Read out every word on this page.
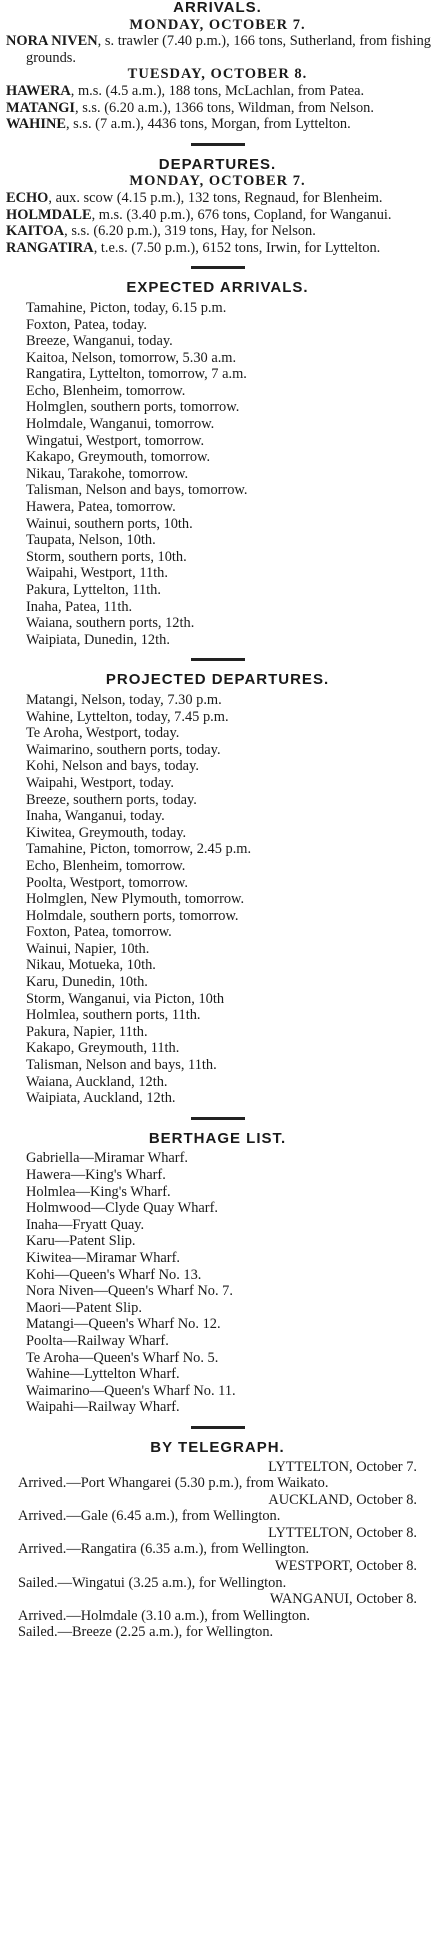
ARRIVALS.
MONDAY, OCTOBER 7.

NORA NIVEN, s. trawler (7.40 p.m.), 166 tons, Sutherland, from fishing grounds.

TUESDAY, OCTOBER 8.

HAWERA, m.s. (4.5 a.m.), 188 tons, McLachlan, from Patea.

MATANGI, s.s. (6.20 a.m.), 1366 tons, Wildman, from Nelson.

WAHINE, s.s. (7 a.m.), 4436 tons, Morgan, from Lyttelton.

DEPARTURES.
MONDAY, OCTOBER 7.

ECHO, aux. scow (4.15 p.m.), 132 tons, Regnaud, for Blenheim.

HOLMDALE, m.s. (3.40 p.m.), 676 tons, Copland, for Wanganui.

KAITOA, s.s. (6.20 p.m.), 319 tons, Hay, for Nelson.

RANGATIRA, t.e.s. (7.50 p.m.), 6152 tons, Irwin, for Lyttelton.

EXPECTED ARRIVALS.
Tamahine, Picton, today, 6.15 p.m.
Foxton, Patea, today.
Breeze, Wanganui, today.
Kaitoa, Nelson, tomorrow, 5.30 a.m.
Rangatira, Lyttelton, tomorrow, 7 a.m.
Echo, Blenheim, tomorrow.
Holmglen, southern ports, tomorrow.
Holmdale, Wanganui, tomorrow.
Wingatui, Westport, tomorrow.
Kakapo, Greymouth, tomorrow.
Nikau, Tarakohe, tomorrow.
Talisman, Nelson and bays, tomorrow.
Hawera, Patea, tomorrow.
Wainui, southern ports, 10th.
Taupata, Nelson, 10th.
Storm, southern ports, 10th.
Waipahi, Westport, 11th.
Pakura, Lyttelton, 11th.
Inaha, Patea, 11th.
Waiana, southern ports, 12th.
Waipiata, Dunedin, 12th.
PROJECTED DEPARTURES.
Matangi, Nelson, today, 7.30 p.m.
Wahine, Lyttelton, today, 7.45 p.m.
Te Aroha, Westport, today.
Waimarino, southern ports, today.
Kohi, Nelson and bays, today.
Waipahi, Westport, today.
Breeze, southern ports, today.
Inaha, Wanganui, today.
Kiwitea, Greymouth, today.
Tamahine, Picton, tomorrow, 2.45 p.m.
Echo, Blenheim, tomorrow.
Poolta, Westport, tomorrow.
Holmglen, New Plymouth, tomorrow.
Holmdale, southern ports, tomorrow.
Foxton, Patea, tomorrow.
Wainui, Napier, 10th.
Nikau, Motueka, 10th.
Karu, Dunedin, 10th.
Storm, Wanganui, via Picton, 10th
Holmlea, southern ports, 11th.
Pakura, Napier, 11th.
Kakapo, Greymouth, 11th.
Talisman, Nelson and bays, 11th.
Waiana, Auckland, 12th.
Waipiata, Auckland, 12th.
BERTHAGE LIST.
Gabriella—Miramar Wharf.
Hawera—King's Wharf.
Holmlea—King's Wharf.
Holmwood—Clyde Quay Wharf.
Inaha—Fryatt Quay.
Karu—Patent Slip.
Kiwitea—Miramar Wharf.
Kohi—Queen's Wharf No. 13.
Nora Niven—Queen's Wharf No. 7.
Maori—Patent Slip.
Matangi—Queen's Wharf No. 12.
Poolta—Railway Wharf.
Te Aroha—Queen's Wharf No. 5.
Wahine—Lyttelton Wharf.
Waimarino—Queen's Wharf No. 11.
Waipahi—Railway Wharf.
BY TELEGRAPH.
LYTTELTON, October 7.

Arrived.—Port Whangarei (5.30 p.m.), from Waikato.

AUCKLAND, October 8.

Arrived.—Gale (6.45 a.m.), from Wellington.

LYTTELTON, October 8.

Arrived.—Rangatira (6.35 a.m.), from Wellington.

WESTPORT, October 8.

Sailed.—Wingatui (3.25 a.m.), for Wellington.

WANGANUI, October 8.

Arrived.—Holmdale (3.10 a.m.), from Wellington.

Sailed.—Breeze (2.25 a.m.), for Wellington.
